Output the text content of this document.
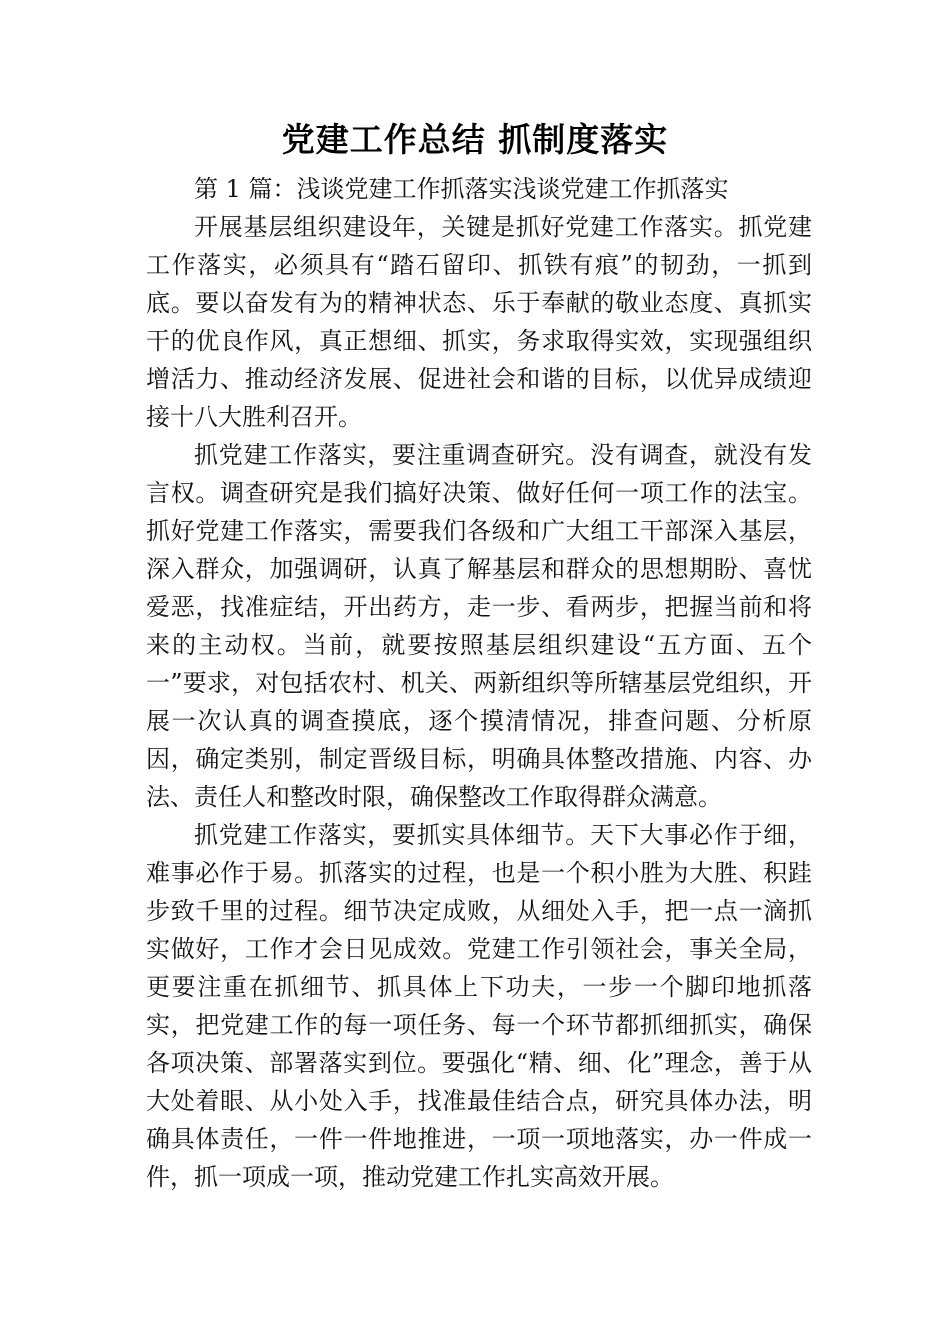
党建工作总结 抓制度落实

第 1 篇：浅谈党建工作抓落实浅谈党建工作抓落实

开展基层组织建设年，关键是抓好党建工作落实。抓党建工作落实，必须具有“踏石留印、抓铁有痕”的韧劲，一抓到底。要以奋发有为的精神状态、乐于奉献的敬业态度、真抓实干的优良作风，真正想细、抓实，务求取得实效，实现强组织增活力、推动经济发展、促进社会和谐的目标，以优异成绩迎接十八大胜利召开。

抓党建工作落实，要注重调查研究。没有调查，就没有发言权。调查研究是我们搞好决策、做好任何一项工作的法宝。抓好党建工作落实，需要我们各级和广大组工干部深入基层，深入群众，加强调研，认真了解基层和群众的思想期盼、喜忧爱恶，找准症结，开出药方，走一步、看两步，把握当前和将来的主动权。当前，就要按照基层组织建设“五方面、五个一”要求，对包括农村、机关、两新组织等所辖基层党组织，开展一次认真的调查摸底，逐个摸清情况，排查问题、分析原因，确定类别，制定晋级目标，明确具体整改措施、内容、办法、责任人和整改时限，确保整改工作取得群众满意。

抓党建工作落实，要抓实具体细节。天下大事必作于细，难事必作于易。抓落实的过程，也是一个积小胜为大胜、积跬步致千里的过程。细节决定成败，从细处入手，把一点一滴抓实做好，工作才会日见成效。党建工作引领社会，事关全局，更要注重在抓细节、抓具体上下功夫，一步一个脚印地抓落实，把党建工作的每一项任务、每一个环节都抓细抓实，确保各项决策、部署落实到位。要强化“精、细、化”理念，善于从大处着眼、从小处入手，找准最佳结合点，研究具体办法，明确具体责任，一件一件地推进，一项一项地落实，办一件成一件，抓一项成一项，推动党建工作扎实高效开展。
